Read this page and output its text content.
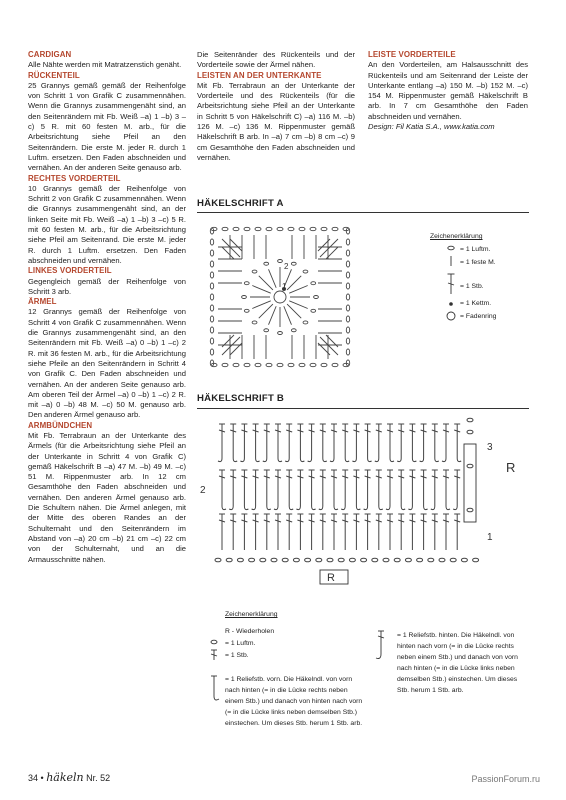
CARDIGAN

Alle Nähte werden mit Matratzenstich genäht.

RÜCKENTEIL

25 Grannys gemäß gemäß der Reihenfolge von Schritt 1 von Grafik C zusammennähen. Wenn die Grannys zusammengenäht sind, an den Seitenrändern mit Fb. Weiß –a) 1 –b) 3 –c) 5 R. mit 60 festen M. arb., für die Arbeitsrichtung siehe Pfeil an den Seitenrändern. Die erste M. jeder R. durch 1 Luftm. ersetzen. Den Faden abschneiden und vernähen. An der anderen Seite genauso arb.

RECHTES VORDERTEIL

10 Grannys gemäß der Reihenfolge von Schritt 2 von Grafik C zusammennähen. Wenn die Grannys zusammengenäht sind, an der linken Seite mit Fb. Weiß –a) 1 –b) 3 –c) 5 R. mit 60 festen M. arb., für die Arbeitsrichtung siehe Pfeil am Seitenrand. Die erste M. jeder R. durch 1 Luftm. ersetzen. Den Faden abschneiden und vernähen.

LINKES VORDERTEIL

Gegengleich gemäß der Reihenfolge von Schritt 3 arb.

ÄRMEL

12 Grannys gemäß der Reihenfolge von Schritt 4 von Grafik C zusammennähen. Wenn die Grannys zusammengenäht sind, an den Seitenrändern mit Fb. Weiß –a) 0 –b) 1 –c) 2 R. mit 36 festen M. arb., für die Arbeitsrichtung siehe Pfeile an den Seitenrändern in Schritt 4 von Grafik C. Den Faden abschneiden und vernähen. An der anderen Seite genauso arb. Am oberen Teil der Ärmel –a) 0 –b) 1 –c) 2 R. mit –a) 0 –b) 48 M. –c) 50 M. genauso arb. Den anderen Ärmel genauso arb.

ARMBÜNDCHEN

Mit Fb. Terrabraun an der Unterkante des Ärmels (für die Arbeitsrichtung siehe Pfeil an der Unterkante in Schritt 4 von Grafik C) gemäß Häkelschrift B –a) 47 M. –b) 49 M. –c) 51 M. Rippenmuster arb. In 12 cm Gesamthöhe den Faden abschneiden und vernähen. Den anderen Ärmel genauso arb. Die Schultern nähen. Die Ärmel anlegen, mit der Mitte des oberen Randes an der Schulternaht und den Seitenrändern im Abstand von –a) 20 cm –b) 21 cm –c) 22 cm von der Schulternaht, und an die Armausschnitte nähen.

Die Seitenränder des Rückenteils und der Vorderteile sowie der Ärmel nähen.

LEISTEN AN DER UNTERKANTE

Mit Fb. Terrabraun an der Unterkante der Vorderteile und des Rückenteils (für die Arbeitsrichtung siehe Pfeil an der Unterkante in Schritt 5 von Häkelschrift C) –a) 116 M. –b) 126 M. –c) 136 M. Rippenmuster gemäß Häkelschrift B arb. In –a) 7 cm –b) 8 cm –c) 9 cm Gesamthöhe den Faden abschneiden und vernähen.

LEISTE VORDERTEILE

An den Vorderteilen, am Halsausschnitt des Rückenteils und am Seitenrand der Leiste der Unterkante entlang –a) 150 M. –b) 152 M. –c) 154 M. Rippenmuster gemäß Häkelschrift B arb. In 7 cm Gesamthöhe den Faden abschneiden und vernähen.

Design: Fil Katia S.A., www.katia.com

HÄKELSCHRIFT A
2
1
Zeichenerklärung
= 1 Luftm.
= 1 feste M.
= 1 Stb.
= 1 Kettm.
= Fadenring
HÄKELSCHRIFT B
3
2
1
R
R
Zeichenerklärung
R - Wiederholen
= 1 Luftm.
= 1 Stb.
= 1 Reliefstb. vorn. Die Häkelndl. von vorn nach hinten (= in die Lücke rechts neben einem Stb.) und danach von hinten nach vorn (= in die Lücke links neben demselben Stb.) einstechen. Um dieses Stb. herum 1 Stb. arb.
= 1 Reliefstb. hinten. Die Häkelndl. von hinten nach vorn (= in die Lücke rechts neben einem Stb.) und danach von vorn nach hinten (= in die Lücke links neben demselben Stb.) einstechen. Um dieses Stb. herum 1 Stb. arb.
34 • häkeln Nr. 52	PassionForum.ru
